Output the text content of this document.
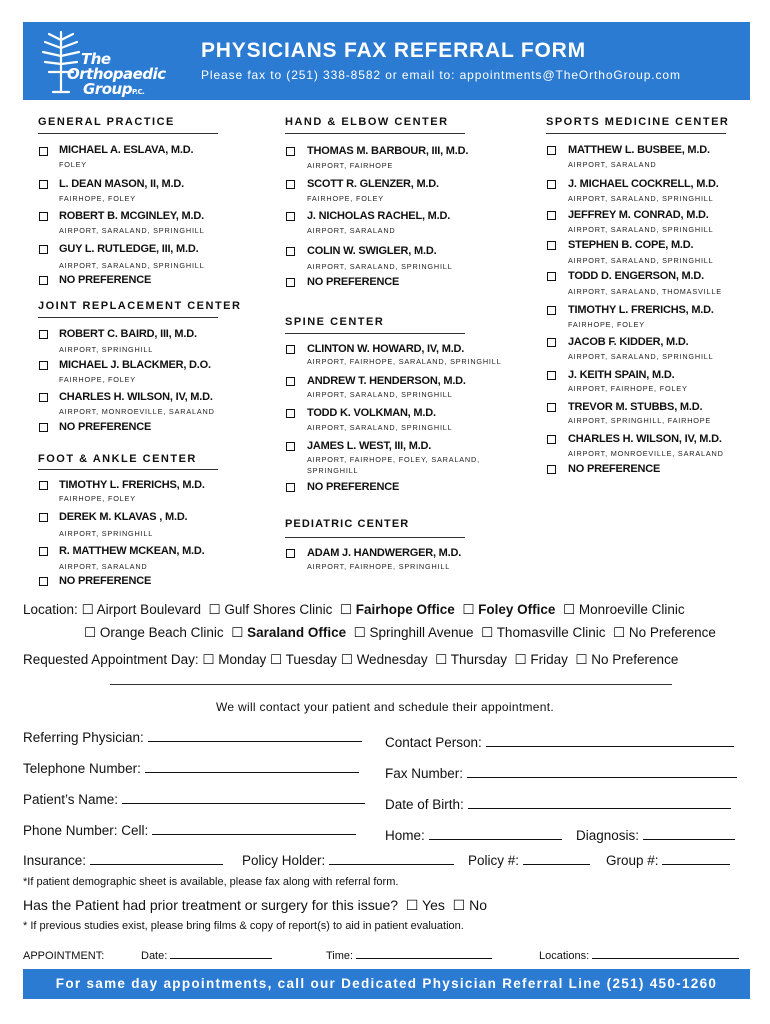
The
Orthopaedic
GroupP.C.
PHYSICIANS FAX REFERRAL FORM
Please fax to (251) 338-8582 or email to: appointments@TheOrthoGroup.com
GENERAL PRACTICE
MICHAEL A. ESLAVA, M.D.
FOLEY
L. DEAN MASON, II, M.D.
FAIRHOPE, FOLEY
ROBERT B. MCGINLEY, M.D.
AIRPORT, SARALAND, SPRINGHILL
GUY L. RUTLEDGE, III, M.D.
AIRPORT, SARALAND, SPRINGHILL
NO PREFERENCE
JOINT REPLACEMENT CENTER
ROBERT C. BAIRD, III, M.D.
AIRPORT, SPRINGHILL
MICHAEL J. BLACKMER, D.O.
FAIRHOPE, FOLEY
CHARLES H. WILSON, IV, M.D.
AIRPORT, MONROEVILLE, SARALAND
NO PREFERENCE
FOOT & ANKLE CENTER
TIMOTHY L. FRERICHS, M.D.
FAIRHOPE, FOLEY
DEREK M. KLAVAS , M.D.
AIRPORT, SPRINGHILL
R. MATTHEW MCKEAN, M.D.
AIRPORT, SARALAND
NO PREFERENCE
HAND & ELBOW CENTER
THOMAS M. BARBOUR, III, M.D.
AIRPORT, FAIRHOPE
SCOTT R. GLENZER, M.D.
FAIRHOPE, FOLEY
J. NICHOLAS RACHEL, M.D.
AIRPORT, SARALAND
COLIN W. SWIGLER, M.D.
AIRPORT, SARALAND, SPRINGHILL
NO PREFERENCE
SPINE CENTER
CLINTON W. HOWARD, IV, M.D.
AIRPORT, FAIRHOPE, SARALAND, SPRINGHILL
ANDREW T. HENDERSON, M.D.
AIRPORT, SARALAND, SPRINGHILL
TODD K. VOLKMAN, M.D.
AIRPORT, SARALAND, SPRINGHILL
JAMES L. WEST, III, M.D.
AIRPORT, FAIRHOPE, FOLEY, SARALAND,
SPRINGHILL
NO PREFERENCE
PEDIATRIC CENTER
ADAM J. HANDWERGER, M.D.
AIRPORT, FAIRHOPE, SPRINGHILL
SPORTS MEDICINE CENTER
MATTHEW L. BUSBEE, M.D.
AIRPORT, SARALAND
J. MICHAEL COCKRELL, M.D.
AIRPORT, SARALAND, SPRINGHILL
JEFFREY M. CONRAD, M.D.
AIRPORT, SARALAND, SPRINGHILL
STEPHEN B. COPE, M.D.
AIRPORT, SARALAND, SPRINGHILL
TODD D. ENGERSON, M.D.
AIRPORT, SARALAND, THOMASVILLE
TIMOTHY L. FRERICHS, M.D.
FAIRHOPE, FOLEY
JACOB F. KIDDER, M.D.
AIRPORT, SARALAND, SPRINGHILL
J. KEITH SPAIN, M.D.
AIRPORT, FAIRHOPE, FOLEY
TREVOR M. STUBBS, M.D.
AIRPORT, SPRINGHILL, FAIRHOPE
CHARLES H. WILSON, IV, M.D.
AIRPORT, MONROEVILLE, SARALAND
NO PREFERENCE
Location: ☐ Airport Boulevard ☐ Gulf Shores Clinic ☐ Fairhope Office ☐ Foley Office ☐ Monroeville Clinic
☐ Orange Beach Clinic ☐ Saraland Office ☐ Springhill Avenue ☐ Thomasville Clinic ☐ No Preference
Requested Appointment Day: ☐ Monday ☐ Tuesday ☐ Wednesday ☐ Thursday ☐ Friday ☐ No Preference
We will contact your patient and schedule their appointment.
Referring Physician:	Contact Person:
Telephone Number:	Fax Number:
Patient’s Name:	Date of Birth:
Phone Number: Cell:	Home:	Diagnosis:
Insurance:	Policy Holder:	Policy #:	Group #:
*If patient demographic sheet is available, please fax along with referral form.
Has the Patient had prior treatment or surgery for this issue? ☐ Yes ☐ No
* If previous studies exist, please bring films & copy of report(s) to aid in patient evaluation.
APPOINTMENT:	Date:	Time:	Locations:
For same day appointments, call our Dedicated Physician Referral Line (251) 450-1260
